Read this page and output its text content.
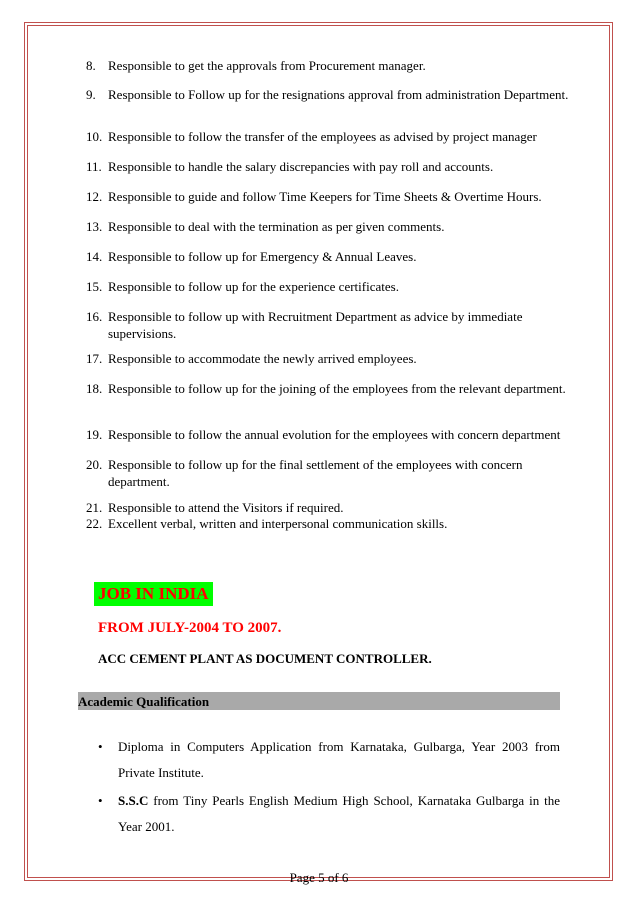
8. Responsible to get the approvals from Procurement manager.
9. Responsible to Follow up for the resignations approval from administration Department.
10. Responsible to follow the transfer of the employees as advised by project manager
11. Responsible to handle the salary discrepancies with pay roll and accounts.
12. Responsible to guide and follow Time Keepers for Time Sheets & Overtime Hours.
13. Responsible to deal with the termination as per given comments.
14. Responsible to follow up for Emergency & Annual Leaves.
15. Responsible to follow up for the experience certificates.
16. Responsible to follow up with Recruitment Department as advice by immediate supervisions.
17. Responsible to accommodate the newly arrived employees.
18. Responsible to follow up for the joining of the employees from the relevant department.
19. Responsible to follow the annual evolution for the employees with concern department
20. Responsible to follow up for the final settlement of the employees with concern department.
21. Responsible to attend the Visitors if required.
22. Excellent verbal, written and interpersonal communication skills.
JOB IN INDIA
FROM JULY-2004 TO 2007.
ACC CEMENT PLANT AS DOCUMENT CONTROLLER.
Academic Qualification
•	Diploma in Computers Application from Karnataka, Gulbarga, Year 2003 from Private Institute.
•	S.S.C from Tiny Pearls English Medium High School, Karnataka Gulbarga in the Year 2001.
Page 5 of 6
